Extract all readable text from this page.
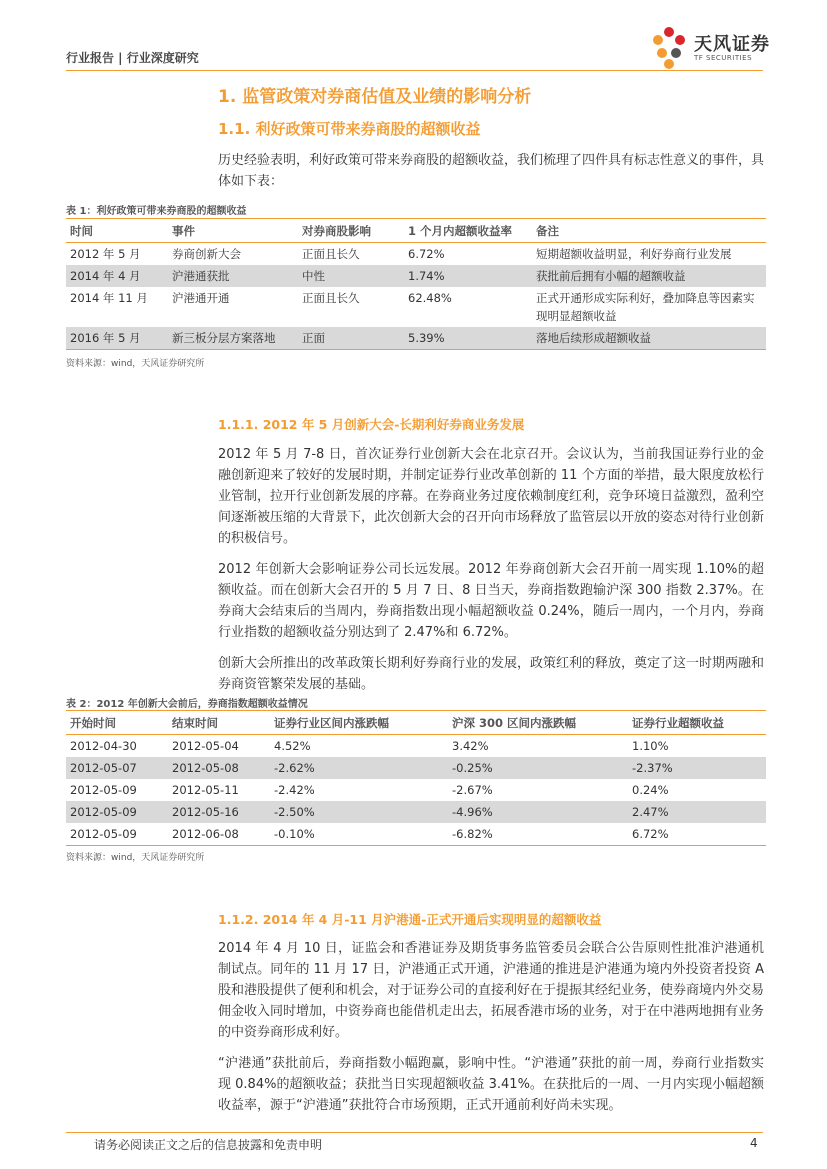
行业报告 | 行业深度研究
天风证券
TF SECURITIES
1. 监管政策对券商估值及业绩的影响分析
1.1. 利好政策可带来券商股的超额收益

历史经验表明，利好政策可带来券商股的超额收益，我们梳理了四件具有标志性意义的事件，具体如下表：

表 1：利好政策可带来券商股的超额收益
时间	事件	对券商股影响	1 个月内超额收益率	备注
2012 年 5 月	券商创新大会	正面且长久	6.72%	短期超额收益明显，利好券商行业发展
2014 年 4 月	沪港通获批	中性	1.74%	获批前后拥有小幅的超额收益
2014 年 11 月	沪港通开通	正面且长久	62.48%	正式开通形成实际利好，叠加降息等因素实现明显超额收益
2016 年 5 月	新三板分层方案落地	正面	5.39%	落地后续形成超额收益
资料来源：wind，天风证券研究所
1.1.1. 2012 年 5 月创新大会-长期利好券商业务发展

2012 年 5 月 7-8 日，首次证券行业创新大会在北京召开。会议认为，当前我国证券行业的金融创新迎来了较好的发展时期，并制定证券行业改革创新的 11 个方面的举措，最大限度放松行业管制，拉开行业创新发展的序幕。在券商业务过度依赖制度红利，竞争环境日益激烈，盈利空间逐渐被压缩的大背景下，此次创新大会的召开向市场释放了监管层以开放的姿态对待行业创新的积极信号。

2012 年创新大会影响证券公司长远发展。2012 年券商创新大会召开前一周实现 1.10%的超额收益。而在创新大会召开的 5 月 7 日、8 日当天，券商指数跑输沪深 300 指数 2.37%。在券商大会结束后的当周内，券商指数出现小幅超额收益 0.24%，随后一周内，一个月内，券商行业指数的超额收益分别达到了 2.47%和 6.72%。

创新大会所推出的改革政策长期利好券商行业的发展，政策红利的释放，奠定了这一时期两融和券商资管繁荣发展的基础。

表 2：2012 年创新大会前后，券商指数超额收益情况
开始时间	结束时间	证券行业区间内涨跌幅	沪深 300 区间内涨跌幅	证券行业超额收益
2012-04-30	2012-05-04	4.52%	3.42%	1.10%
2012-05-07	2012-05-08	-2.62%	-0.25%	-2.37%
2012-05-09	2012-05-11	-2.42%	-2.67%	0.24%
2012-05-09	2012-05-16	-2.50%	-4.96%	2.47%
2012-05-09	2012-06-08	-0.10%	-6.82%	6.72%
资料来源：wind，天风证券研究所
1.1.2. 2014 年 4 月-11 月沪港通-正式开通后实现明显的超额收益

2014 年 4 月 10 日，证监会和香港证券及期货事务监管委员会联合公告原则性批准沪港通机制试点。同年的 11 月 17 日，沪港通正式开通，沪港通的推进是沪港通为境内外投资者投资 A 股和港股提供了便利和机会，对于证券公司的直接利好在于提振其经纪业务，使券商境内外交易佣金收入同时增加，中资券商也能借机走出去，拓展香港市场的业务，对于在中港两地拥有业务的中资券商形成利好。

“沪港通”获批前后，券商指数小幅跑赢，影响中性。“沪港通”获批的前一周，券商行业指数实现 0.84%的超额收益；获批当日实现超额收益 3.41%。在获批后的一周、一月内实现小幅超额收益率，源于“沪港通”获批符合市场预期，正式开通前利好尚未实现。

请务必阅读正文之后的信息披露和免责申明	4
